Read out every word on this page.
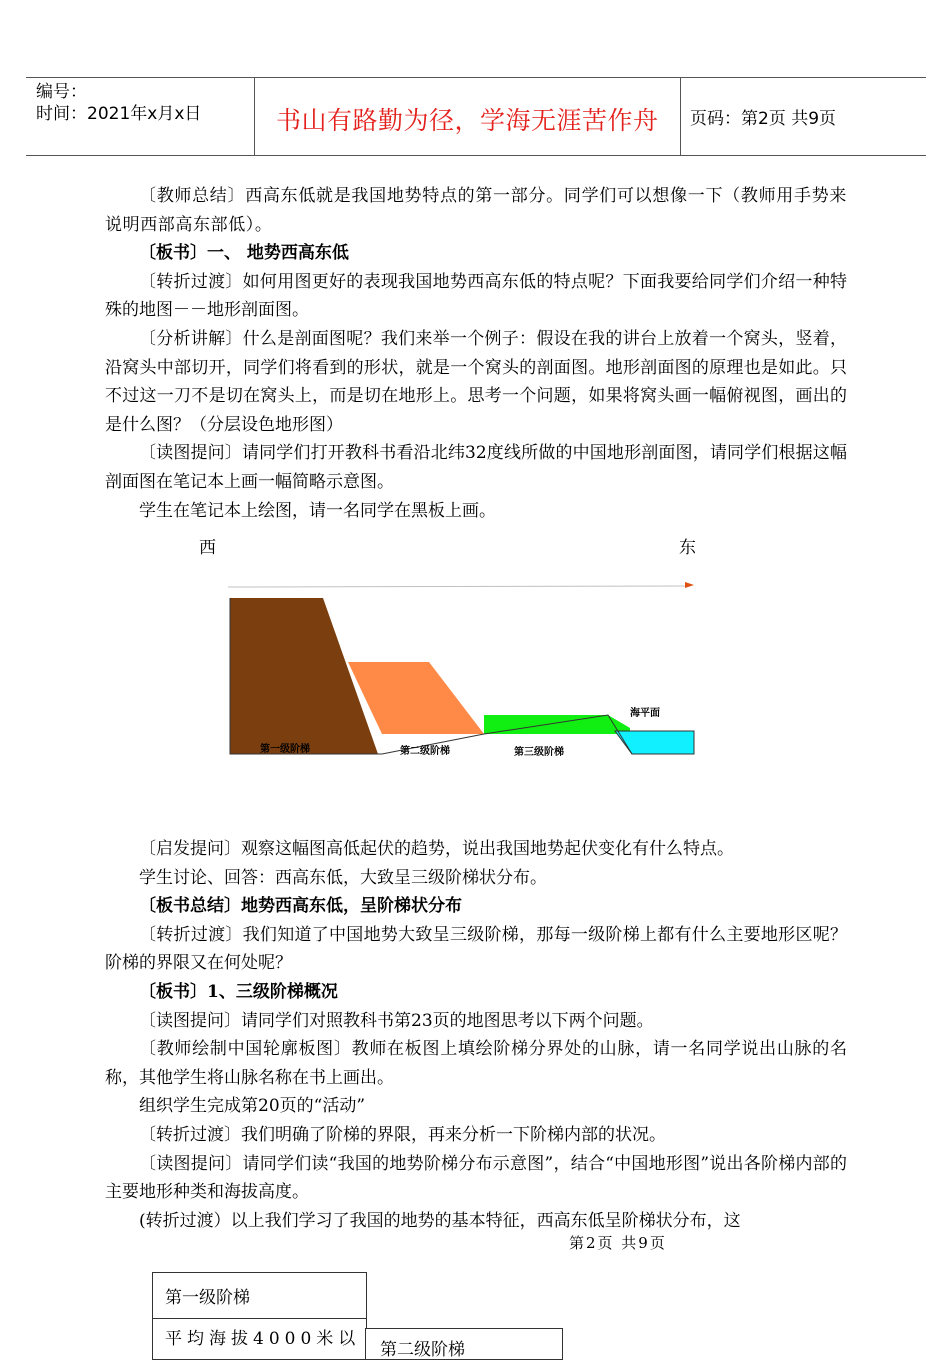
编号：
时间：2021年x月x日	书山有路勤为径，学海无涯苦作舟 页码：第2页 共9页

〔教师总结〕西高东低就是我国地势特点的第一部分。同学们可以想像一下（教师用手势来说明西部高东部低）。

〔板书〕一、 地势西高东低

〔转折过渡〕如何用图更好的表现我国地势西高东低的特点呢？下面我要给同学们介绍一种特殊的地图－－地形剖面图。

〔分析讲解〕什么是剖面图呢？我们来举一个例子：假设在我的讲台上放着一个窝头，竖着，沿窝头中部切开，同学们将看到的形状，就是一个窝头的剖面图。地形剖面图的原理也是如此。只不过这一刀不是切在窝头上，而是切在地形上。思考一个问题，如果将窝头画一幅俯视图，画出的是什么图？（分层设色地形图）

〔读图提问〕请同学们打开教科书看沿北纬32度线所做的中国地形剖面图，请同学们根据这幅剖面图在笔记本上画一幅简略示意图。

学生在笔记本上绘图，请一名同学在黑板上画。

西	东
海平面
第一级阶梯	第二级阶梯	第三级阶梯

〔启发提问〕观察这幅图高低起伏的趋势，说出我国地势起伏变化有什么特点。

学生讨论、回答：西高东低，大致呈三级阶梯状分布。

〔板书总结〕地势西高东低，呈阶梯状分布

〔转折过渡〕我们知道了中国地势大致呈三级阶梯，那每一级阶梯上都有什么主要地形区呢？阶梯的界限又在何处呢？

〔板书〕1、三级阶梯概况

〔读图提问〕请同学们对照教科书第23页的地图思考以下两个问题。

〔教师绘制中国轮廓板图〕教师在板图上填绘阶梯分界处的山脉，请一名同学说出山脉的名称，其他学生将山脉名称在书上画出。

组织学生完成第20页的“活动”

〔转折过渡〕我们明确了阶梯的界限，再来分析一下阶梯内部的状况。

〔读图提问〕请同学们读“我国的地势阶梯分布示意图”，结合“中国地形图”说出各阶梯内部的主要地形种类和海拔高度。

(转折过渡）以上我们学习了我国的地势的基本特征，西高东低呈阶梯状分布，这

第2页 共9页
第一级阶梯
平均海拔4000米以
第二级阶梯
